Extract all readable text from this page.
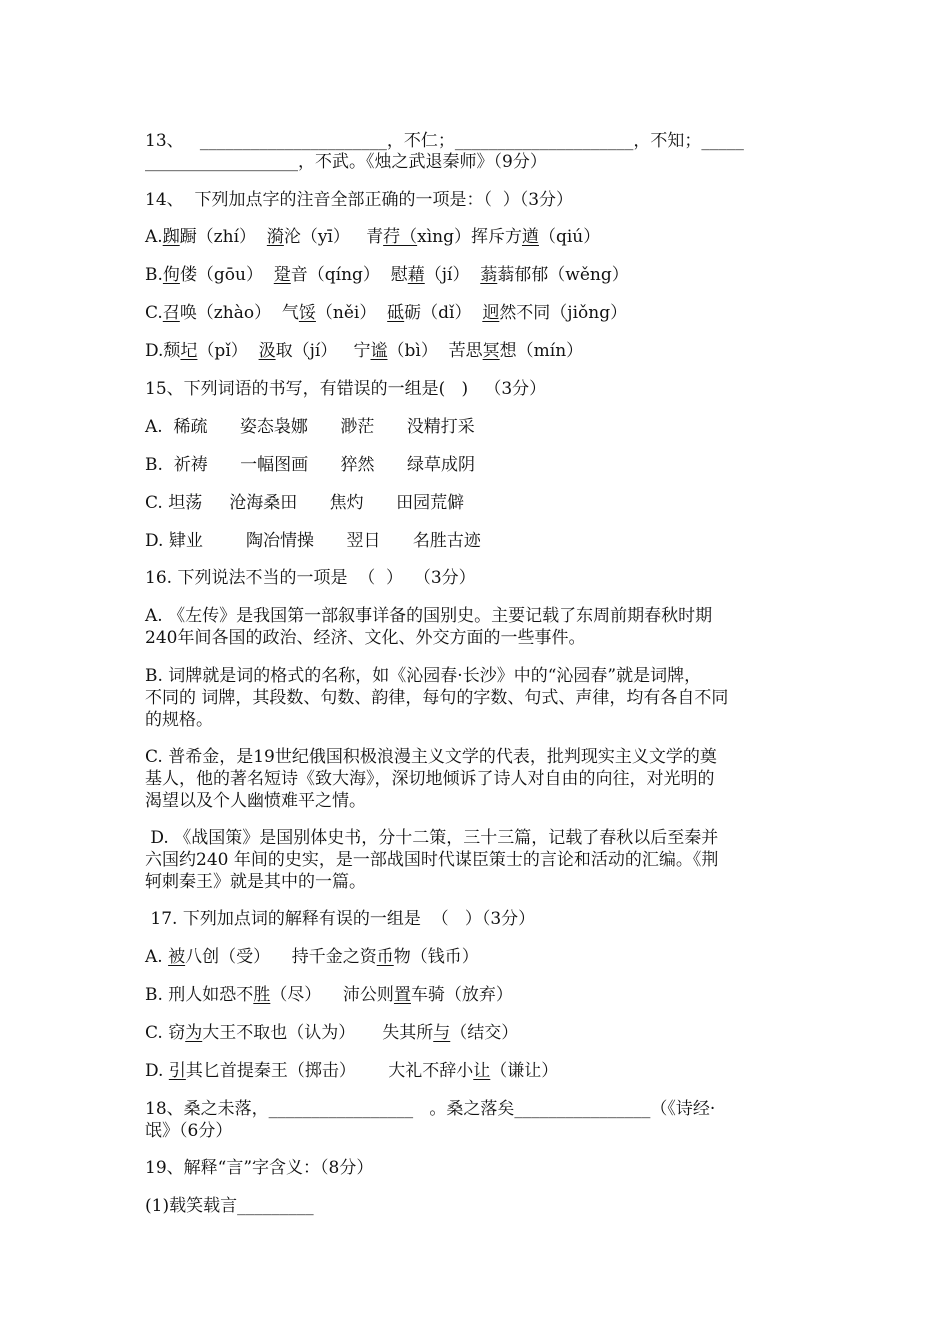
13、   ______________________，不仁；_____________________，不知；_____
__________________，不武。《烛之武退秦师》（9分）
14、  下列加点字的注音全部正确的一项是：（  ）（3分）
A.踟蹰（zhí）  漪沦（yī）   青荇（xìng）挥斥方遒（qiú）
B.佝偻（gōu）  跫音（qíng）  慰藉（jí）  蓊蓊郁郁（wěng）
C.召唤（zhào）  气馁（něi）  砥砺（dǐ）  迥然不同（jiǒng）
D.颓圮（pǐ）  汲取（jí）   宁谧（bì）  苦思冥想（mín）
15、下列词语的书写，有错误的一组是(   )   （3分）
A.  稀疏      姿态袅娜      渺茫      没精打采
B.  祈祷      一幅图画      猝然      绿草成阴
C. 坦荡     沧海桑田      焦灼      田园荒僻
D. 肄业        陶冶情操      翌日      名胜古迹
16. 下列说法不当的一项是  （  ）  （3分）
A. 《左传》是我国第一部叙事详备的国别史。主要记载了东周前期春秋时期
240年间各国的政治、经济、文化、外交方面的一些事件。
B. 词牌就是词的格式的名称，如《沁园春·长沙》中的“沁园春”就是词牌，
不同的 词牌，其段数、句数、韵律，每句的字数、句式、声律，均有各自不同
的规格。
C. 普希金，是19世纪俄国积极浪漫主义文学的代表，批判现实主义文学的奠
基人，他的著名短诗《致大海》，深切地倾诉了诗人对自由的向往，对光明的
渴望以及个人幽愤难平之情。
D. 《战国策》是国别体史书，分十二策，三十三篇，记载了春秋以后至秦并
六国约240 年间的史实，是一部战国时代谋臣策士的言论和活动的汇编。《荆
轲刺秦王》就是其中的一篇。
17. 下列加点词的解释有误的一组是  （   ）（3分）
A. 被八创（受）    持千金之资币物（钱币）
B. 刑人如恐不胜（尽）    沛公则置车骑（放弃）
C. 窃为大王不取也（认为）     失其所与（结交）
D. 引其匕首提秦王（掷击）      大礼不辞小让（谦让）
18、桑之未落，_________________   。桑之落矣________________（《诗经·
氓》（6分）
19、解释“言”字含义：（8分）
(1)载笑载言_________
